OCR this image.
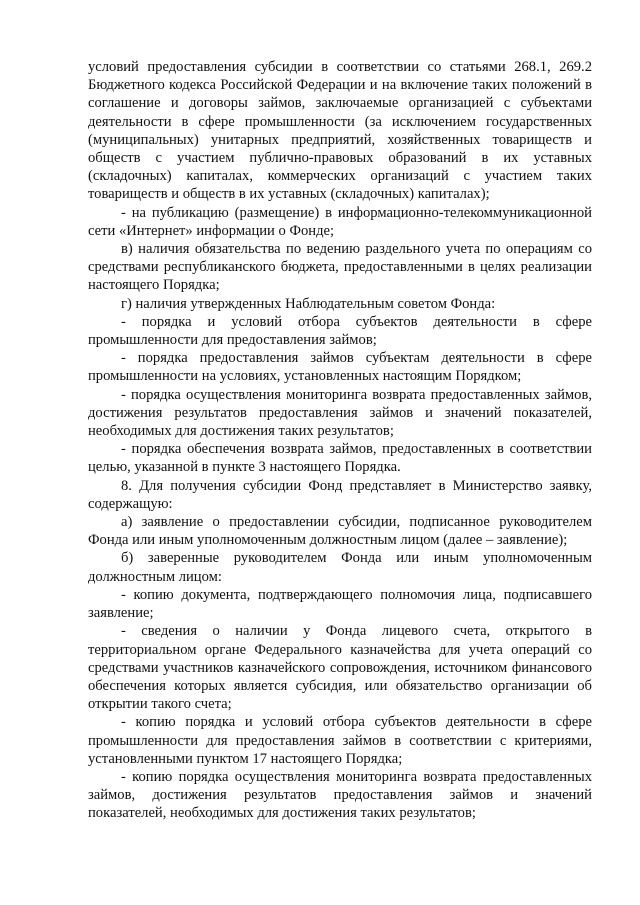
условий предоставления субсидии в соответствии со статьями 268.1, 269.2 Бюджетного кодекса Российской Федерации и на включение таких положений в соглашение и договоры займов, заключаемые организацией с субъектами деятельности в сфере промышленности (за исключением государственных (муниципальных) унитарных предприятий, хозяйственных товариществ и обществ с участием публично-правовых образований в их уставных (складочных) капиталах, коммерческих организаций с участием таких товариществ и обществ в их уставных (складочных) капиталах);

- на публикацию (размещение) в информационно-телекоммуникационной сети «Интернет» информации о Фонде;

в) наличия обязательства по ведению раздельного учета по операциям со средствами республиканского бюджета, предоставленными в целях реализации настоящего Порядка;

г) наличия утвержденных Наблюдательным советом Фонда:

- порядка и условий отбора субъектов деятельности в сфере промышленности для предоставления займов;

- порядка предоставления займов субъектам деятельности в сфере промышленности на условиях, установленных настоящим Порядком;

- порядка осуществления мониторинга возврата предоставленных займов, достижения результатов предоставления займов и значений показателей, необходимых для достижения таких результатов;

- порядка обеспечения возврата займов, предоставленных в соответствии целью, указанной в пункте 3 настоящего Порядка.

8. Для получения субсидии Фонд представляет в Министерство заявку, содержащую:

а) заявление о предоставлении субсидии, подписанное руководителем Фонда или иным уполномоченным должностным лицом (далее – заявление);

б) заверенные руководителем Фонда или иным уполномоченным должностным лицом:

- копию документа, подтверждающего полномочия лица, подписавшего заявление;

- сведения о наличии у Фонда лицевого счета, открытого в территориальном органе Федерального казначейства для учета операций со средствами участников казначейского сопровождения, источником финансового обеспечения которых является субсидия, или обязательство организации об открытии такого счета;

- копию порядка и условий отбора субъектов деятельности в сфере промышленности для предоставления займов в соответствии с критериями, установленными пунктом 17 настоящего Порядка;

- копию порядка осуществления мониторинга возврата предоставленных займов, достижения результатов предоставления займов и значений показателей, необходимых для достижения таких результатов;
